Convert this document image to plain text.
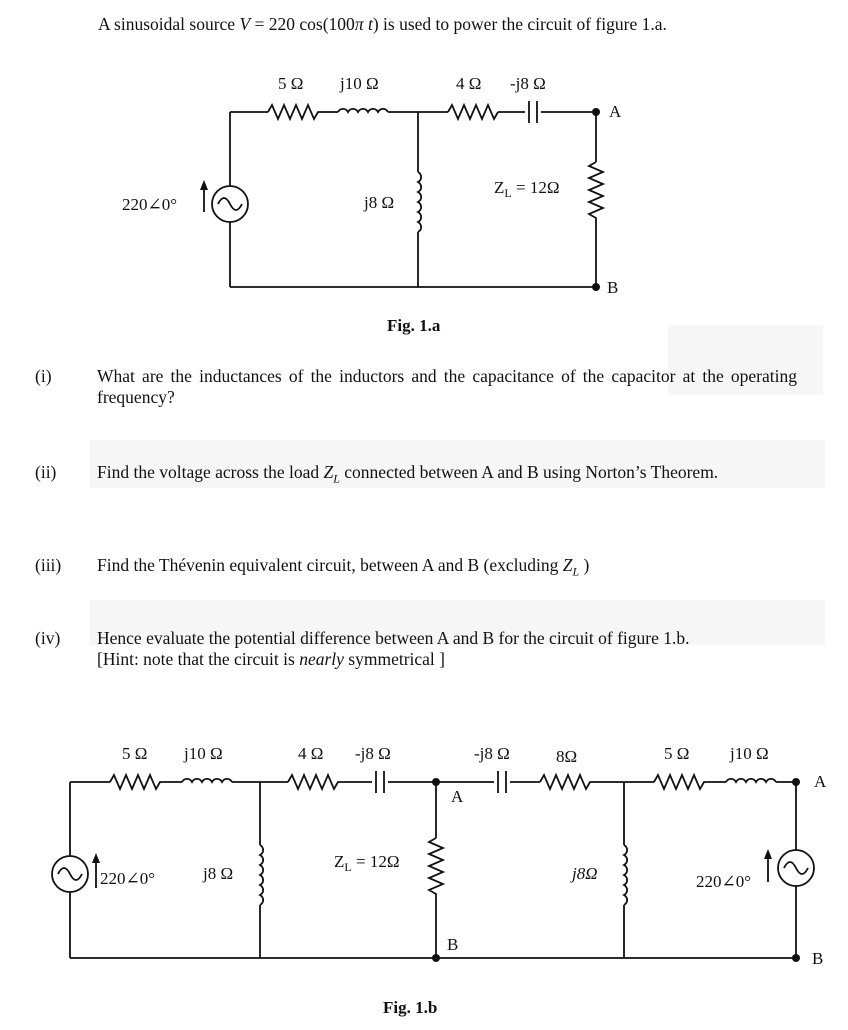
A sinusoidal source V = 220 cos(100π t) is used to power the circuit of figure 1.a.
5 Ω j10 Ω	4 Ω -j8 Ω
A
B
j8 Ω
220∠0°
$Z_L = 12\Omega$
Fig. 1.a
(i)	What are the inductances of the inductors and the capacitance of the capacitor at the operating frequency?
(ii) Find the voltage across the load $Z_L$ connected between A and B using Norton’s Theorem.
(iii) Find the Thévenin equivalent circuit, between A and B (excluding $Z_L$ )
(iv) Hence evaluate the potential difference between A and B for the circuit of figure 1.b.
[Hint: note that the circuit is nearly symmetrical ]
5 Ω j10 Ω	4 Ω -j8 Ω	-j8 Ω	8Ω	5 Ω j10 Ω
A
B
A
B
j8 Ω
$Z_L = 12\Omega$
j8Ω
220∠0°	220∠0°
Fig. 1.b
